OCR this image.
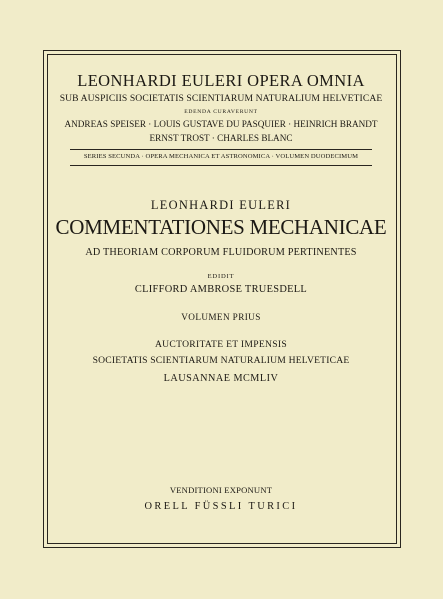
LEONHARDI EULERI OPERA OMNIA
SUB AUSPICIIS SOCIETATIS SCIENTIARUM NATURALIUM HELVETICAE
EDENDA CURAVERUNT
ANDREAS SPEISER · LOUIS GUSTAVE DU PASQUIER · HEINRICH BRANDT
ERNST TROST · CHARLES BLANC
SERIES SECUNDA · OPERA MECHANICA ET ASTRONOMICA · VOLUMEN DUODECIMUM
LEONHARDI EULERI
COMMENTATIONES MECHANICAE
AD THEORIAM CORPORUM FLUIDORUM PERTINENTES
EDIDIT
CLIFFORD AMBROSE TRUESDELL
VOLUMEN PRIUS
AUCTORITATE ET IMPENSIS
SOCIETATIS SCIENTIARUM NATURALIUM HELVETICAE
LAUSANNAE MCMLIV
VENDITIONI EXPONUNT
ORELL FÜSSLI TURICI
